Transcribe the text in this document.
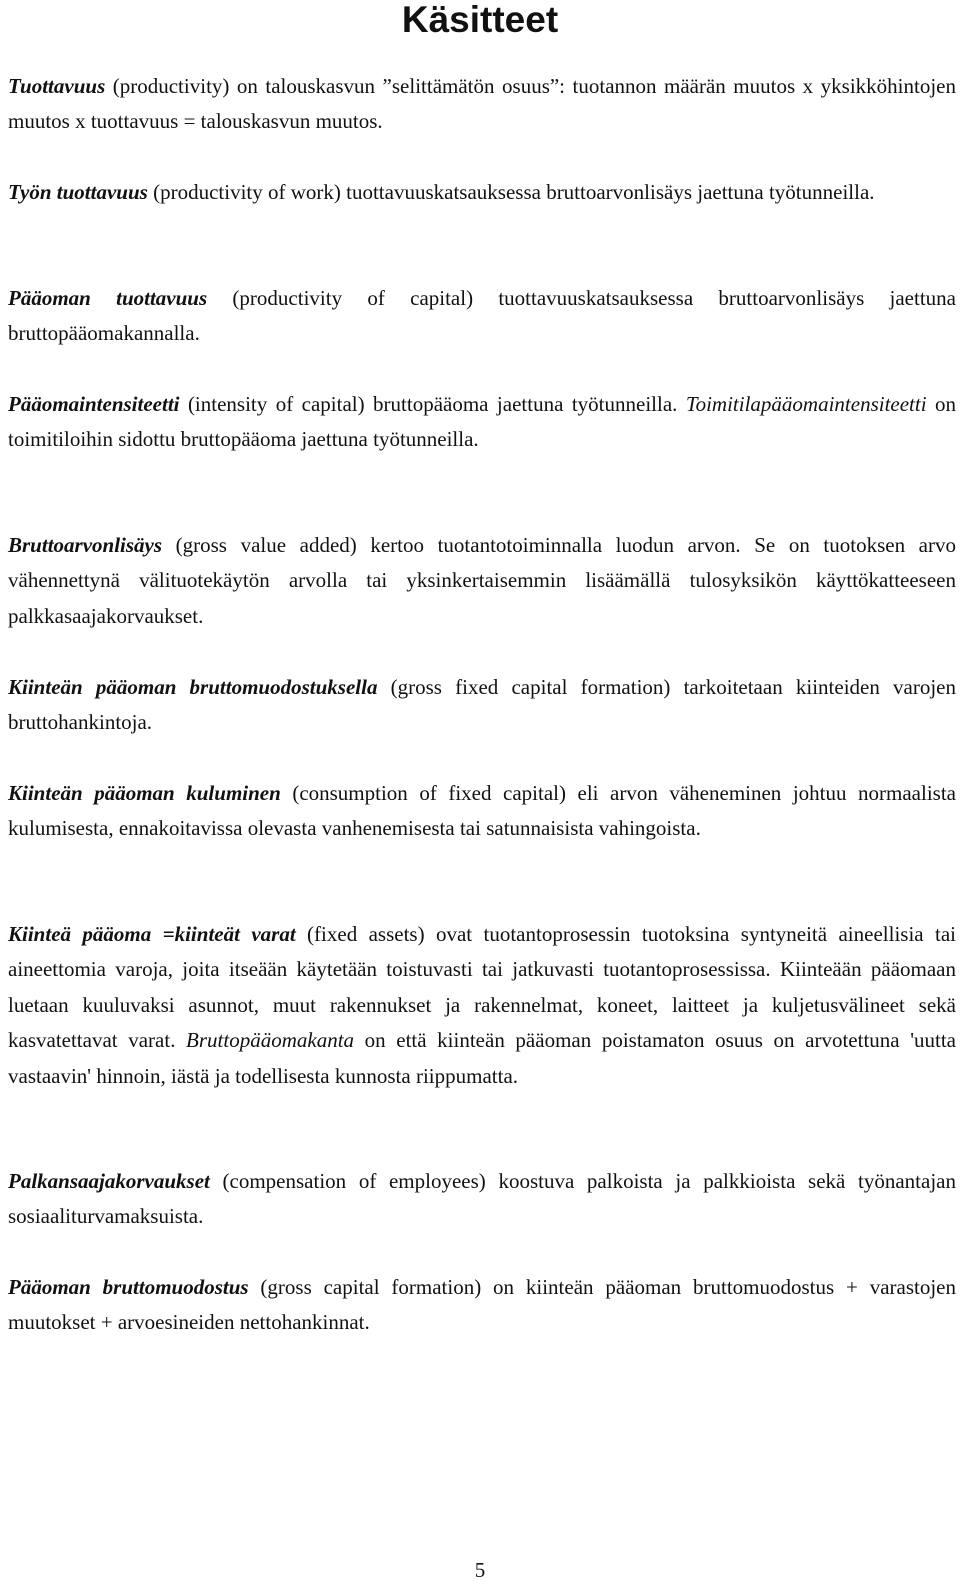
Käsitteet

Tuottavuus (productivity) on talouskasvun ”selittämätön osuus”: tuotannon määrän muutos x yksikköhintojen muutos x tuottavuus = talouskasvun muutos.

Työn tuottavuus (productivity of work) tuottavuuskatsauksessa bruttoarvonlisäys jaettuna työtunneilla.

Pääoman tuottavuus (productivity of capital) tuottavuuskatsauksessa bruttoarvonlisäys jaettuna bruttopääomakannalla.

Pääomaintensiteetti (intensity of capital) bruttopääoma jaettuna työtunneilla. Toimitilapääomaintensiteetti on toimitiloihin sidottu bruttopääoma jaettuna työtunneilla.

Bruttoarvonlisäys (gross value added) kertoo tuotantotoiminnalla luodun arvon. Se on tuotoksen arvo vähennettynä välituotekäytön arvolla tai yksinkertaisemmin lisäämällä tulosyksikön käyttökatteeseen palkkasaajakorvaukset.

Kiinteän pääoman bruttomuodostuksella (gross fixed capital formation) tarkoitetaan kiinteiden varojen bruttohankintoja.

Kiinteän pääoman kuluminen (consumption of fixed capital) eli arvon väheneminen johtuu normaalista kulumisesta, ennakoitavissa olevasta vanhenemisesta tai satunnaisista vahingoista.

Kiinteä pääoma =kiinteät varat (fixed assets) ovat tuotantoprosessin tuotoksina syntyneitä aineellisia tai aineettomia varoja, joita itseään käytetään toistuvasti tai jatkuvasti tuotantoprosessissa. Kiinteään pääomaan luetaan kuuluvaksi asunnot, muut rakennukset ja rakennelmat, koneet, laitteet ja kuljetusvälineet sekä kasvatettavat varat. Bruttopääomakanta on että kiinteän pääoman poistamaton osuus on arvotettuna 'uutta vastaavin' hinnoin, iästä ja todellisesta kunnosta riippumatta.

Palkansaajakorvaukset (compensation of employees) koostuva palkoista ja palkkioista sekä työnantajan sosiaaliturvamaksuista.

Pääoman bruttomuodostus (gross capital formation) on kiinteän pääoman bruttomuodostus + varastojen muutokset + arvoesineiden nettohankinnat.

5
